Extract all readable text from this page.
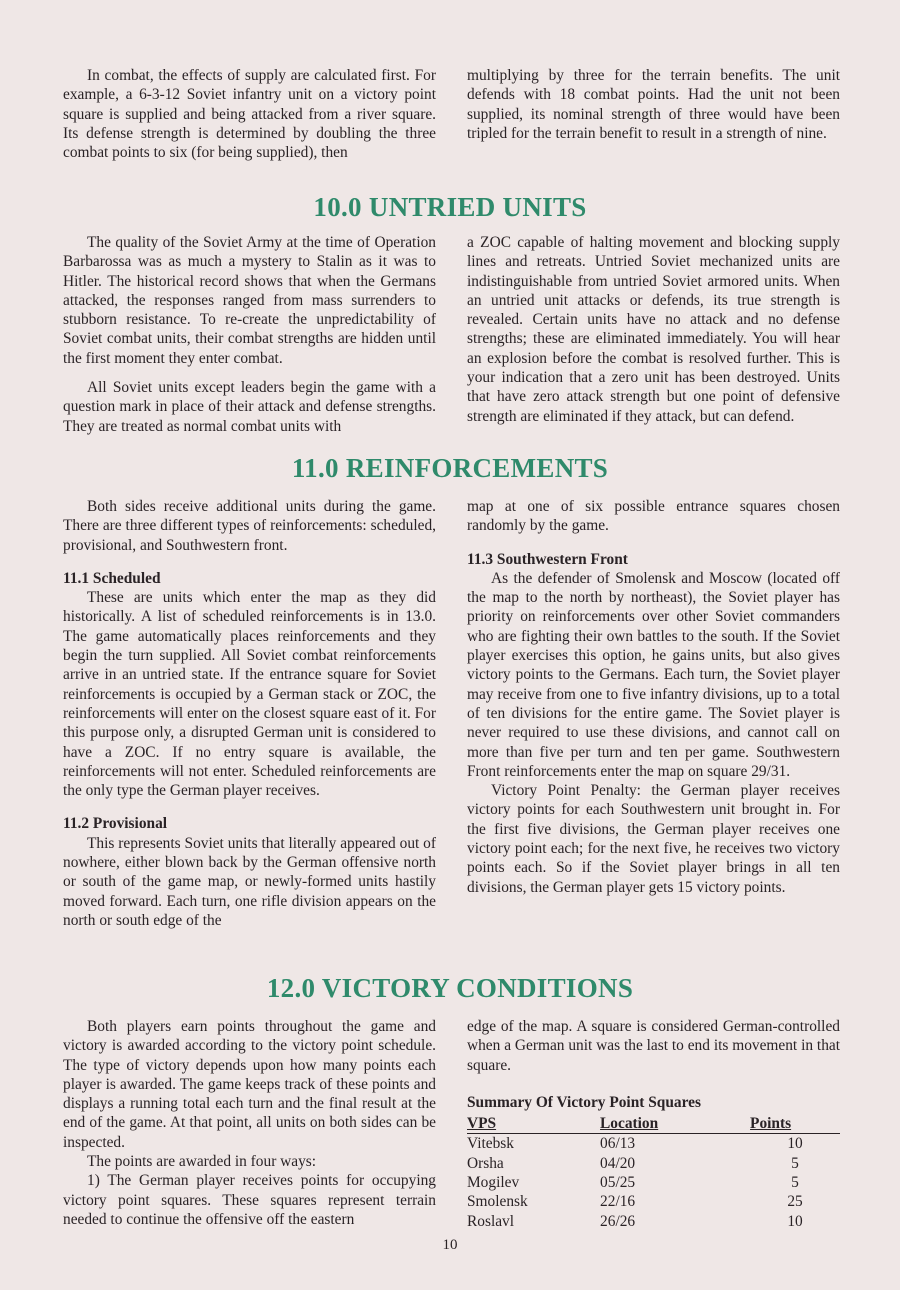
In combat, the effects of supply are calculated first. For example, a 6-3-12 Soviet infantry unit on a victory point square is supplied and being attacked from a river square. Its defense strength is determined by doubling the three combat points to six (for being supplied), then

multiplying by three for the terrain benefits. The unit defends with 18 combat points. Had the unit not been supplied, its nominal strength of three would have been tripled for the terrain benefit to result in a strength of nine.

10.0 UNTRIED UNITS

The quality of the Soviet Army at the time of Operation Barbarossa was as much a mystery to Stalin as it was to Hitler. The historical record shows that when the Germans attacked, the responses ranged from mass surrenders to stubborn resistance. To re-create the unpredictability of Soviet combat units, their combat strengths are hidden until the first moment they enter combat.

All Soviet units except leaders begin the game with a question mark in place of their attack and defense strengths. They are treated as normal combat units with

a ZOC capable of halting movement and blocking supply lines and retreats. Untried Soviet mechanized units are indistinguishable from untried Soviet armored units. When an untried unit attacks or defends, its true strength is revealed. Certain units have no attack and no defense strengths; these are eliminated immediately. You will hear an explosion before the combat is resolved further. This is your indication that a zero unit has been destroyed. Units that have zero attack strength but one point of defensive strength are eliminated if they attack, but can defend.

11.0 REINFORCEMENTS

Both sides receive additional units during the game. There are three different types of reinforcements: scheduled, provisional, and Southwestern front.

11.1 Scheduled

These are units which enter the map as they did historically. A list of scheduled reinforcements is in 13.0. The game automatically places reinforcements and they begin the turn supplied. All Soviet combat reinforcements arrive in an untried state. If the entrance square for Soviet reinforcements is occupied by a German stack or ZOC, the reinforcements will enter on the closest square east of it. For this purpose only, a disrupted German unit is considered to have a ZOC. If no entry square is available, the reinforcements will not enter. Scheduled reinforcements are the only type the German player receives.

11.2 Provisional

This represents Soviet units that literally appeared out of nowhere, either blown back by the German offensive north or south of the game map, or newly-formed units hastily moved forward. Each turn, one rifle division appears on the north or south edge of the

map at one of six possible entrance squares chosen randomly by the game.

11.3 Southwestern Front

As the defender of Smolensk and Moscow (located off the map to the north by northeast), the Soviet player has priority on reinforcements over other Soviet commanders who are fighting their own battles to the south. If the Soviet player exercises this option, he gains units, but also gives victory points to the Germans. Each turn, the Soviet player may receive from one to five infantry divisions, up to a total of ten divisions for the entire game. The Soviet player is never required to use these divisions, and cannot call on more than five per turn and ten per game. Southwestern Front reinforcements enter the map on square 29/31.

Victory Point Penalty: the German player receives victory points for each Southwestern unit brought in. For the first five divisions, the German player receives one victory point each; for the next five, he receives two victory points each. So if the Soviet player brings in all ten divisions, the German player gets 15 victory points.

12.0 VICTORY CONDITIONS

Both players earn points throughout the game and victory is awarded according to the victory point schedule. The type of victory depends upon how many points each player is awarded. The game keeps track of these points and displays a running total each turn and the final result at the end of the game. At that point, all units on both sides can be inspected.

The points are awarded in four ways:

1) The German player receives points for occupying victory point squares. These squares represent terrain needed to continue the offensive off the eastern

edge of the map. A square is considered German-controlled when a German unit was the last to end its movement in that square.

Summary Of Victory Point Squares
VPS	Location	Points
Vitebsk	06/13	10
Orsha	04/20	5
Mogilev	05/25	5
Smolensk	22/16	25
Roslavl	26/26	10
10
